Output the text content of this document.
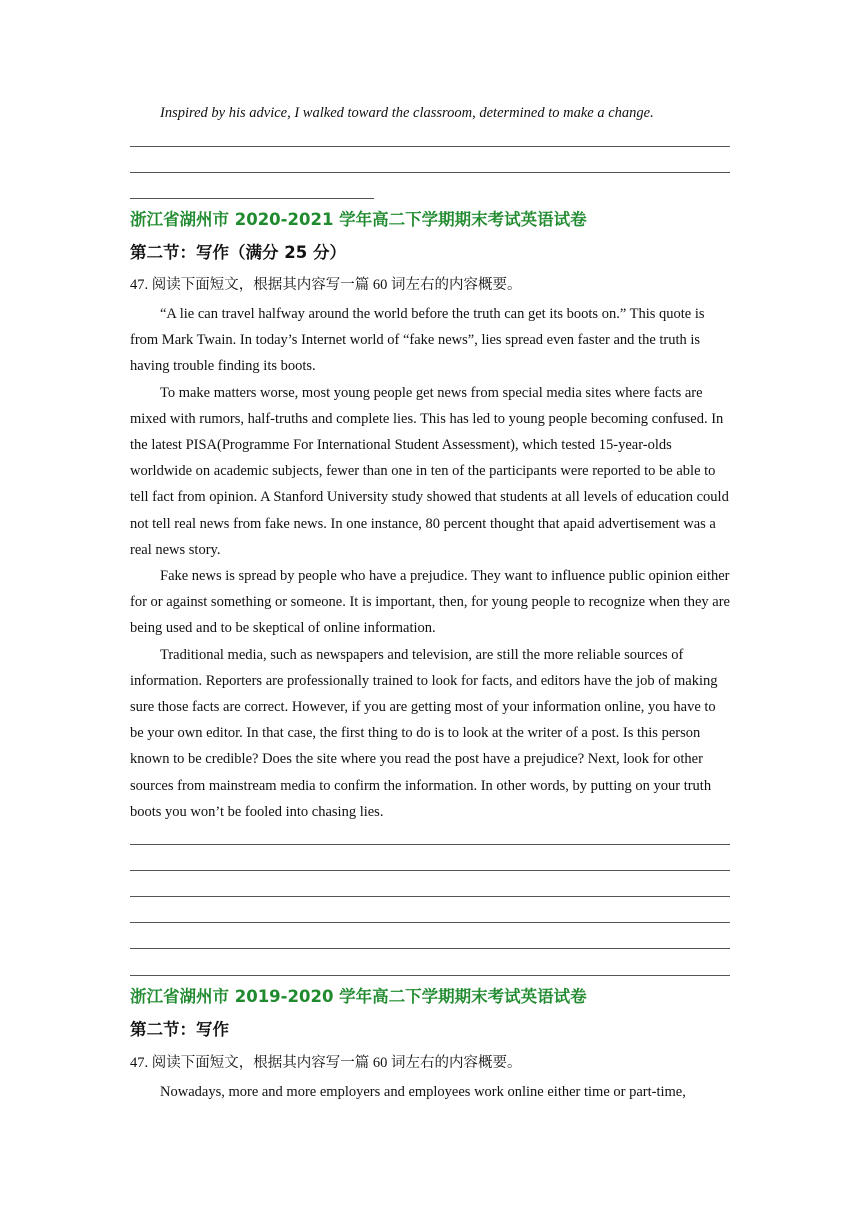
Inspired by his advice, I walked toward the classroom, determined to make a change.

浙江省湖州市 2020-2021 学年高二下学期期末考试英语试卷
第二节：写作（满分 25 分）
47. 阅读下面短文，根据其内容写一篇 60 词左右的内容概要。

“A lie can travel halfway around the world before the truth can get its boots on.” This quote is from Mark Twain. In today’s Internet world of “fake news”, lies spread even faster and the truth is having trouble finding its boots.

To make matters worse, most young people get news from special media sites where facts are mixed with rumors, half-truths and complete lies. This has led to young people becoming confused. In the latest PISA(Programme For International Student Assessment), which tested 15-year-olds worldwide on academic subjects, fewer than one in ten of the participants were reported to be able to tell fact from opinion. A Stanford University study showed that students at all levels of education could not tell real news from fake news. In one instance, 80 percent thought that apaid advertisement was a real news story.

Fake news is spread by people who have a prejudice. They want to influence public opinion either for or against something or someone. It is important, then, for young people to recognize when they are being used and to be skeptical of online information.

Traditional media, such as newspapers and television, are still the more reliable sources of information. Reporters are professionally trained to look for facts, and editors have the job of making sure those facts are correct. However, if you are getting most of your information online, you have to be your own editor. In that case, the first thing to do is to look at the writer of a post. Is this person known to be credible? Does the site where you read the post have a prejudice? Next, look for other sources from mainstream media to confirm the information. In other words, by putting on your truth boots you won’t be fooled into chasing lies.

浙江省湖州市 2019-2020 学年高二下学期期末考试英语试卷
第二节：写作
47. 阅读下面短文，根据其内容写一篇 60 词左右的内容概要。

Nowadays, more and more employers and employees work online either time or part-time,
